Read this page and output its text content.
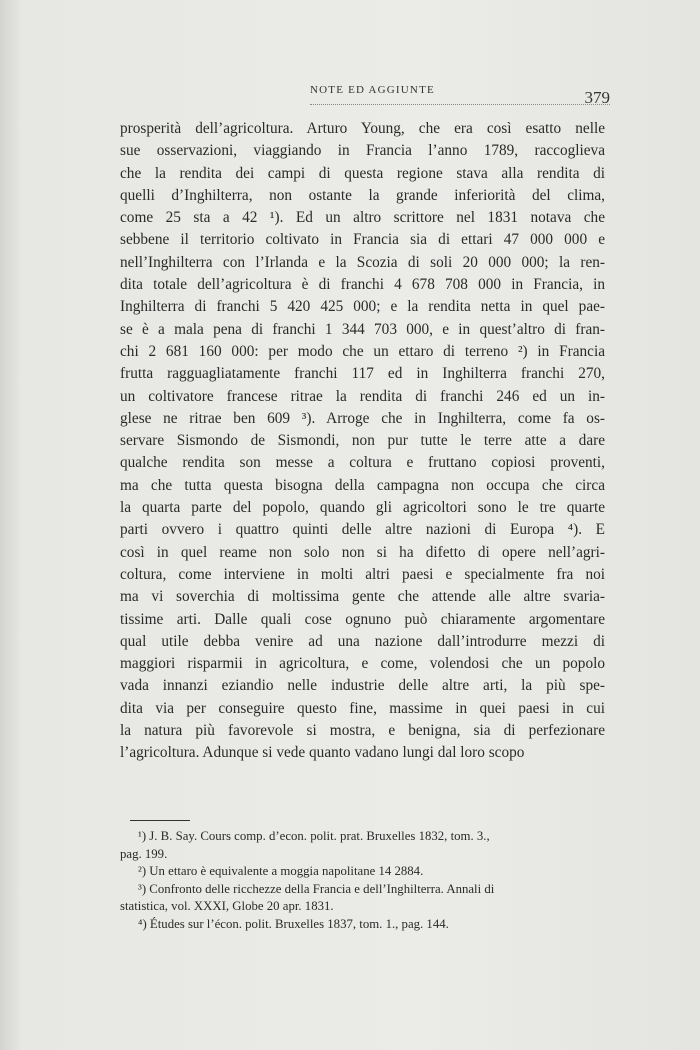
NOTE ED AGGIUNTE	379
prosperità dell’agricoltura. Arturo Young, che era così esatto nelle
sue osservazioni, viaggiando in Francia l’anno 1789, raccoglieva
che la rendita dei campi di questa regione stava alla rendita di
quelli d’Inghilterra, non ostante la grande inferiorità del clima,
come 25 sta a 42 ¹). Ed un altro scrittore nel 1831 notava che
sebbene il territorio coltivato in Francia sia di ettari 47 000 000 e
nell’Inghilterra con l’Irlanda e la Scozia di soli 20 000 000; la ren-
dita totale dell’agricoltura è di franchi 4 678 708 000 in Francia, in
Inghilterra di franchi 5 420 425 000; e la rendita netta in quel pae-
se è a mala pena di franchi 1 344 703 000, e in quest’altro di fran-
chi 2 681 160 000: per modo che un ettaro di terreno ²) in Francia
frutta ragguagliatamente franchi 117 ed in Inghilterra franchi 270,
un coltivatore francese ritrae la rendita di franchi 246 ed un in-
glese ne ritrae ben 609 ³). Arroge che in Inghilterra, come fa os-
servare Sismondo de Sismondi, non pur tutte le terre atte a dare
qualche rendita son messe a coltura e fruttano copiosi proventi,
ma che tutta questa bisogna della campagna non occupa che circa
la quarta parte del popolo, quando gli agricoltori sono le tre quarte
parti ovvero i quattro quinti delle altre nazioni di Europa ⁴). E
così in quel reame non solo non si ha difetto di opere nell’agri-
coltura, come interviene in molti altri paesi e specialmente fra noi
ma vi soverchia di moltissima gente che attende alle altre svaria-
tissime arti. Dalle quali cose ognuno può chiaramente argomentare
qual utile debba venire ad una nazione dall’introdurre mezzi di
maggiori risparmii in agricoltura, e come, volendosi che un popolo
vada innanzi eziandio nelle industrie delle altre arti, la più spe-
dita via per conseguire questo fine, massime in quei paesi in cui
la natura più favorevole si mostra, e benigna, sia di perfezionare
l’agricoltura. Adunque si vede quanto vadano lungi dal loro scopo
¹) J. B. Say. Cours comp. d’econ. polit. prat. Bruxelles 1832, tom. 3.,
pag. 199.
²) Un ettaro è equivalente a moggia napolitane 14 2884.
³) Confronto delle ricchezze della Francia e dell’Inghilterra. Annali di
statistica, vol. XXXI, Globe 20 apr. 1831.
⁴) Études sur l’écon. polit. Bruxelles 1837, tom. 1., pag. 144.
